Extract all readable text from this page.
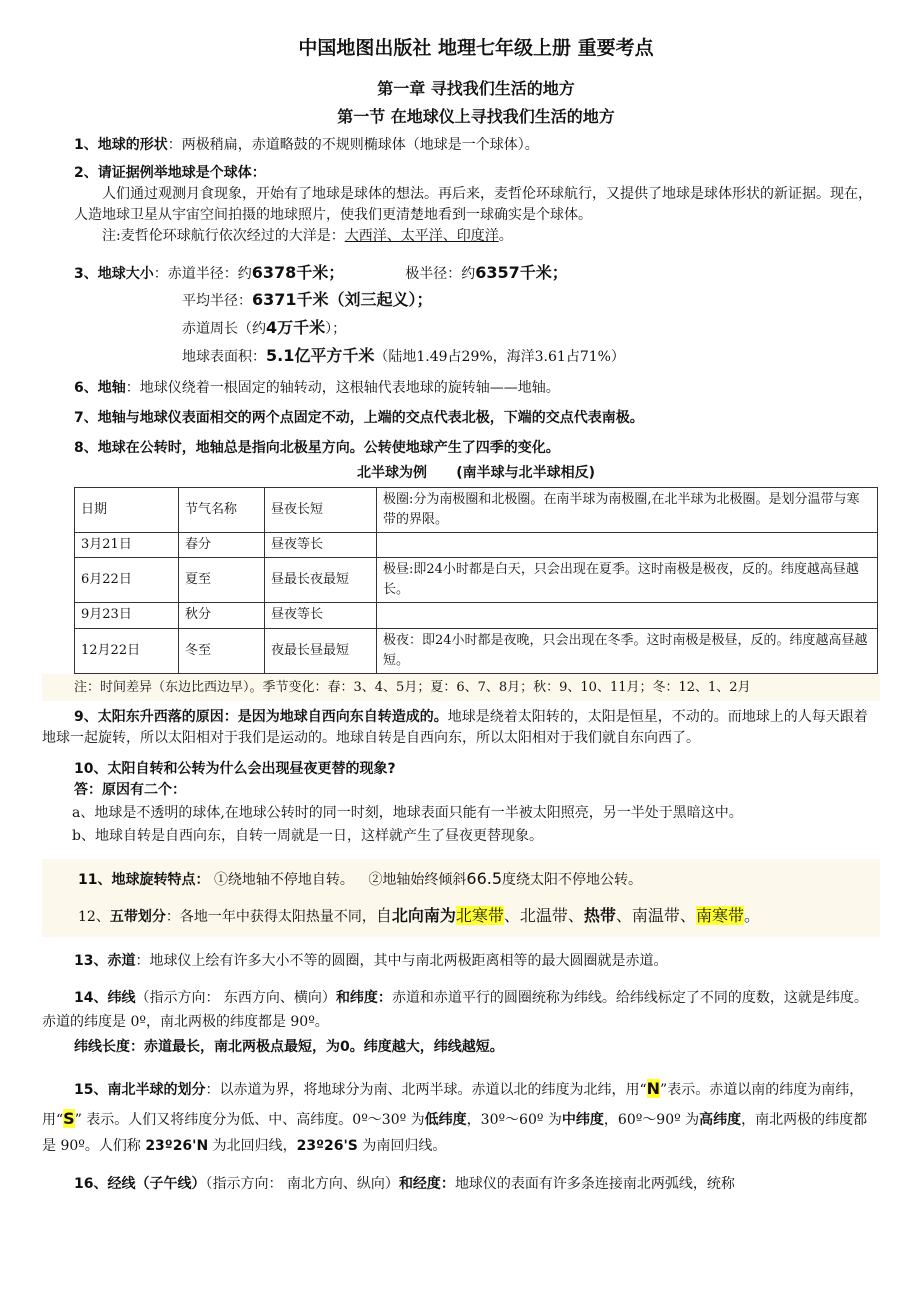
中国地图出版社 地理七年级上册 重要考点

第一章 寻找我们生活的地方

第一节 在地球仪上寻找我们生活的地方

1、地球的形状：两极稍扁，赤道略鼓的不规则椭球体（地球是一个球体）。

2、请证据例举地球是个球体：

人们通过观测月食现象，开始有了地球是球体的想法。再后来，麦哲伦环球航行，又提供了地球是球体形状的新证据。现在，人造地球卫星从宇宙空间拍摄的地球照片，使我们更清楚地看到一球确实是个球体。

注:麦哲伦环球航行依次经过的大洋是：大西洋、太平洋、印度洋。

3、地球大小：赤道半径：约6378千米；	极半径：约6357千米；

平均半径：6371千米（刘三起义）；

赤道周长（约4万千米）；

地球表面积：5.1亿平方千米（陆地1.49占29%，海洋3.61占71%）

6、地轴：地球仪绕着一根固定的轴转动，这根轴代表地球的旋转轴——地轴。

7、地轴与地球仪表面相交的两个点固定不动，上端的交点代表北极，下端的交点代表南极。

8、地球在公转时，地轴总是指向北极星方向。公转使地球产生了四季的变化。

北半球为例      (南半球与北半球相反)

日期	节气名称	昼夜长短	极圈:分为南极圈和北极圈。在南半球为南极圈,在北半球为北极圈。是划分温带与寒带的界限。
3月21日	春分	昼夜等长	
6月22日	夏至	昼最长夜最短	极昼:即24小时都是白天，只会出现在夏季。这时南极是极夜，反的。纬度越高昼越长。
9月23日	秋分	昼夜等长	
12月22日	冬至	夜最长昼最短	极夜：即24小时都是夜晚，只会出现在冬季。这时南极是极昼，反的。纬度越高昼越短。

注：时间差异（东边比西边早）。季节变化：春：3、4、5月；夏：6、7、8月；秋：9、10、11月；冬：12、1、2月

9、太阳东升西落的原因：是因为地球自西向东自转造成的。地球是绕着太阳转的，太阳是恒星，不动的。而地球上的人每天跟着地球一起旋转，所以太阳相对于我们是运动的。地球自转是自西向东，所以太阳相对于我们就自东向西了。

10、太阳自转和公转为什么会出现昼夜更替的现象?

答：原因有二个：

a、地球是不透明的球体,在地球公转时的同一时刻，地球表面只能有一半被太阳照亮，另一半处于黑暗这中。

b、地球自转是自西向东，自转一周就是一日，这样就产生了昼夜更替现象。

11、地球旋转特点： ①绕地轴不停地自转。 ②地轴始终倾斜66.5度绕太阳不停地公转。

12、五带划分：各地一年中获得太阳热量不同，自北向南为北寒带、北温带、热带、南温带、南寒带。

13、赤道：地球仪上绘有许多大小不等的圆圈，其中与南北两极距离相等的最大圆圈就是赤道。

14、纬线（指示方向： 东西方向、横向）和纬度：赤道和赤道平行的圆圈统称为纬线。给纬线标定了不同的度数，这就是纬度。赤道的纬度是 0º，南北两极的纬度都是 90º。

纬线长度：赤道最长，南北两极点最短，为0。纬度越大，纬线越短。

15、南北半球的划分：以赤道为界，将地球分为南、北两半球。赤道以北的纬度为北纬，用“N”表示。赤道以南的纬度为南纬，用“S” 表示。人们又将纬度分为低、中、高纬度。0º～30º 为低纬度，30º～60º 为中纬度，60º～90º 为高纬度，南北两极的纬度都是 90º。人们称 23º26'N 为北回归线，23º26'S 为南回归线。

16、经线（子午线）（指示方向： 南北方向、纵向）和经度：地球仪的表面有许多条连接南北两弧线，统称
